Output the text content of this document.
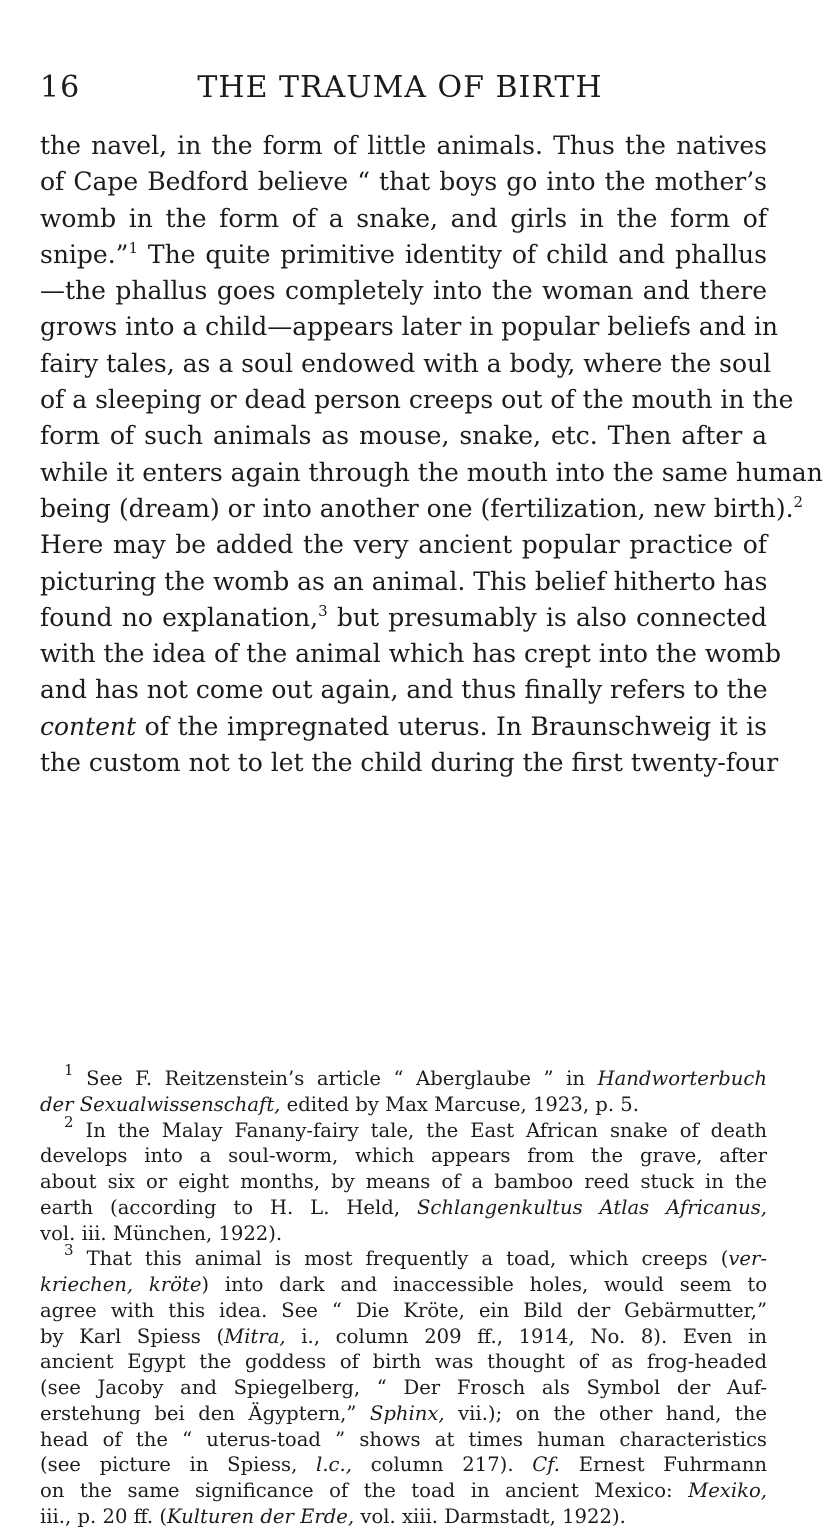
16	THE TRAUMA OF BIRTH
the navel, in the form of little animals. Thus the natives
of Cape Bedford believe “ that boys go into the mother’s
womb in the form of a snake, and girls in the form of
snipe.”$^1$ The quite primitive identity of child and phallus
—the phallus goes completely into the woman and there
grows into a child—appears later in popular beliefs and in
fairy tales, as a soul endowed with a body, where the soul
of a sleeping or dead person creeps out of the mouth in the
form of such animals as mouse, snake, etc. Then after a
while it enters again through the mouth into the same human
being (dream) or into another one (fertilization, new birth).$^2$
Here may be added the very ancient popular practice of
picturing the womb as an animal. This belief hitherto has
found no explanation,$^3$ but presumably is also connected
with the idea of the animal which has crept into the womb
and has not come out again, and thus finally refers to the
content of the impregnated uterus. In Braunschweig it is
the custom not to let the child during the first twenty-four
$^1$ See F. Reitzenstein’s article “ Aberglaube ” in Handworterbuch
der Sexualwissenschaft, edited by Max Marcuse, 1923, p. 5.
$^2$ In the Malay Fanany-fairy tale, the East African snake of death
develops into a soul-worm, which appears from the grave, after
about six or eight months, by means of a bamboo reed stuck in the
earth (according to H. L. Held, Schlangenkultus Atlas Africanus,
vol. iii. München, 1922).
$^3$ That this animal is most frequently a toad, which creeps (ver-
kriechen, kröte) into dark and inaccessible holes, would seem to
agree with this idea. See “ Die Kröte, ein Bild der Gebärmutter,”
by Karl Spiess (Mitra, i., column 209 ff., 1914, No. 8). Even in
ancient Egypt the goddess of birth was thought of as frog-headed
(see Jacoby and Spiegelberg, “ Der Frosch als Symbol der Auf-
erstehung bei den Ägyptern,” Sphinx, vii.); on the other hand, the
head of the “ uterus-toad ” shows at times human characteristics
(see picture in Spiess, l.c., column 217). Cf. Ernest Fuhrmann
on the same significance of the toad in ancient Mexico: Mexiko,
iii., p. 20 ff. (Kulturen der Erde, vol. xiii. Darmstadt, 1922).
